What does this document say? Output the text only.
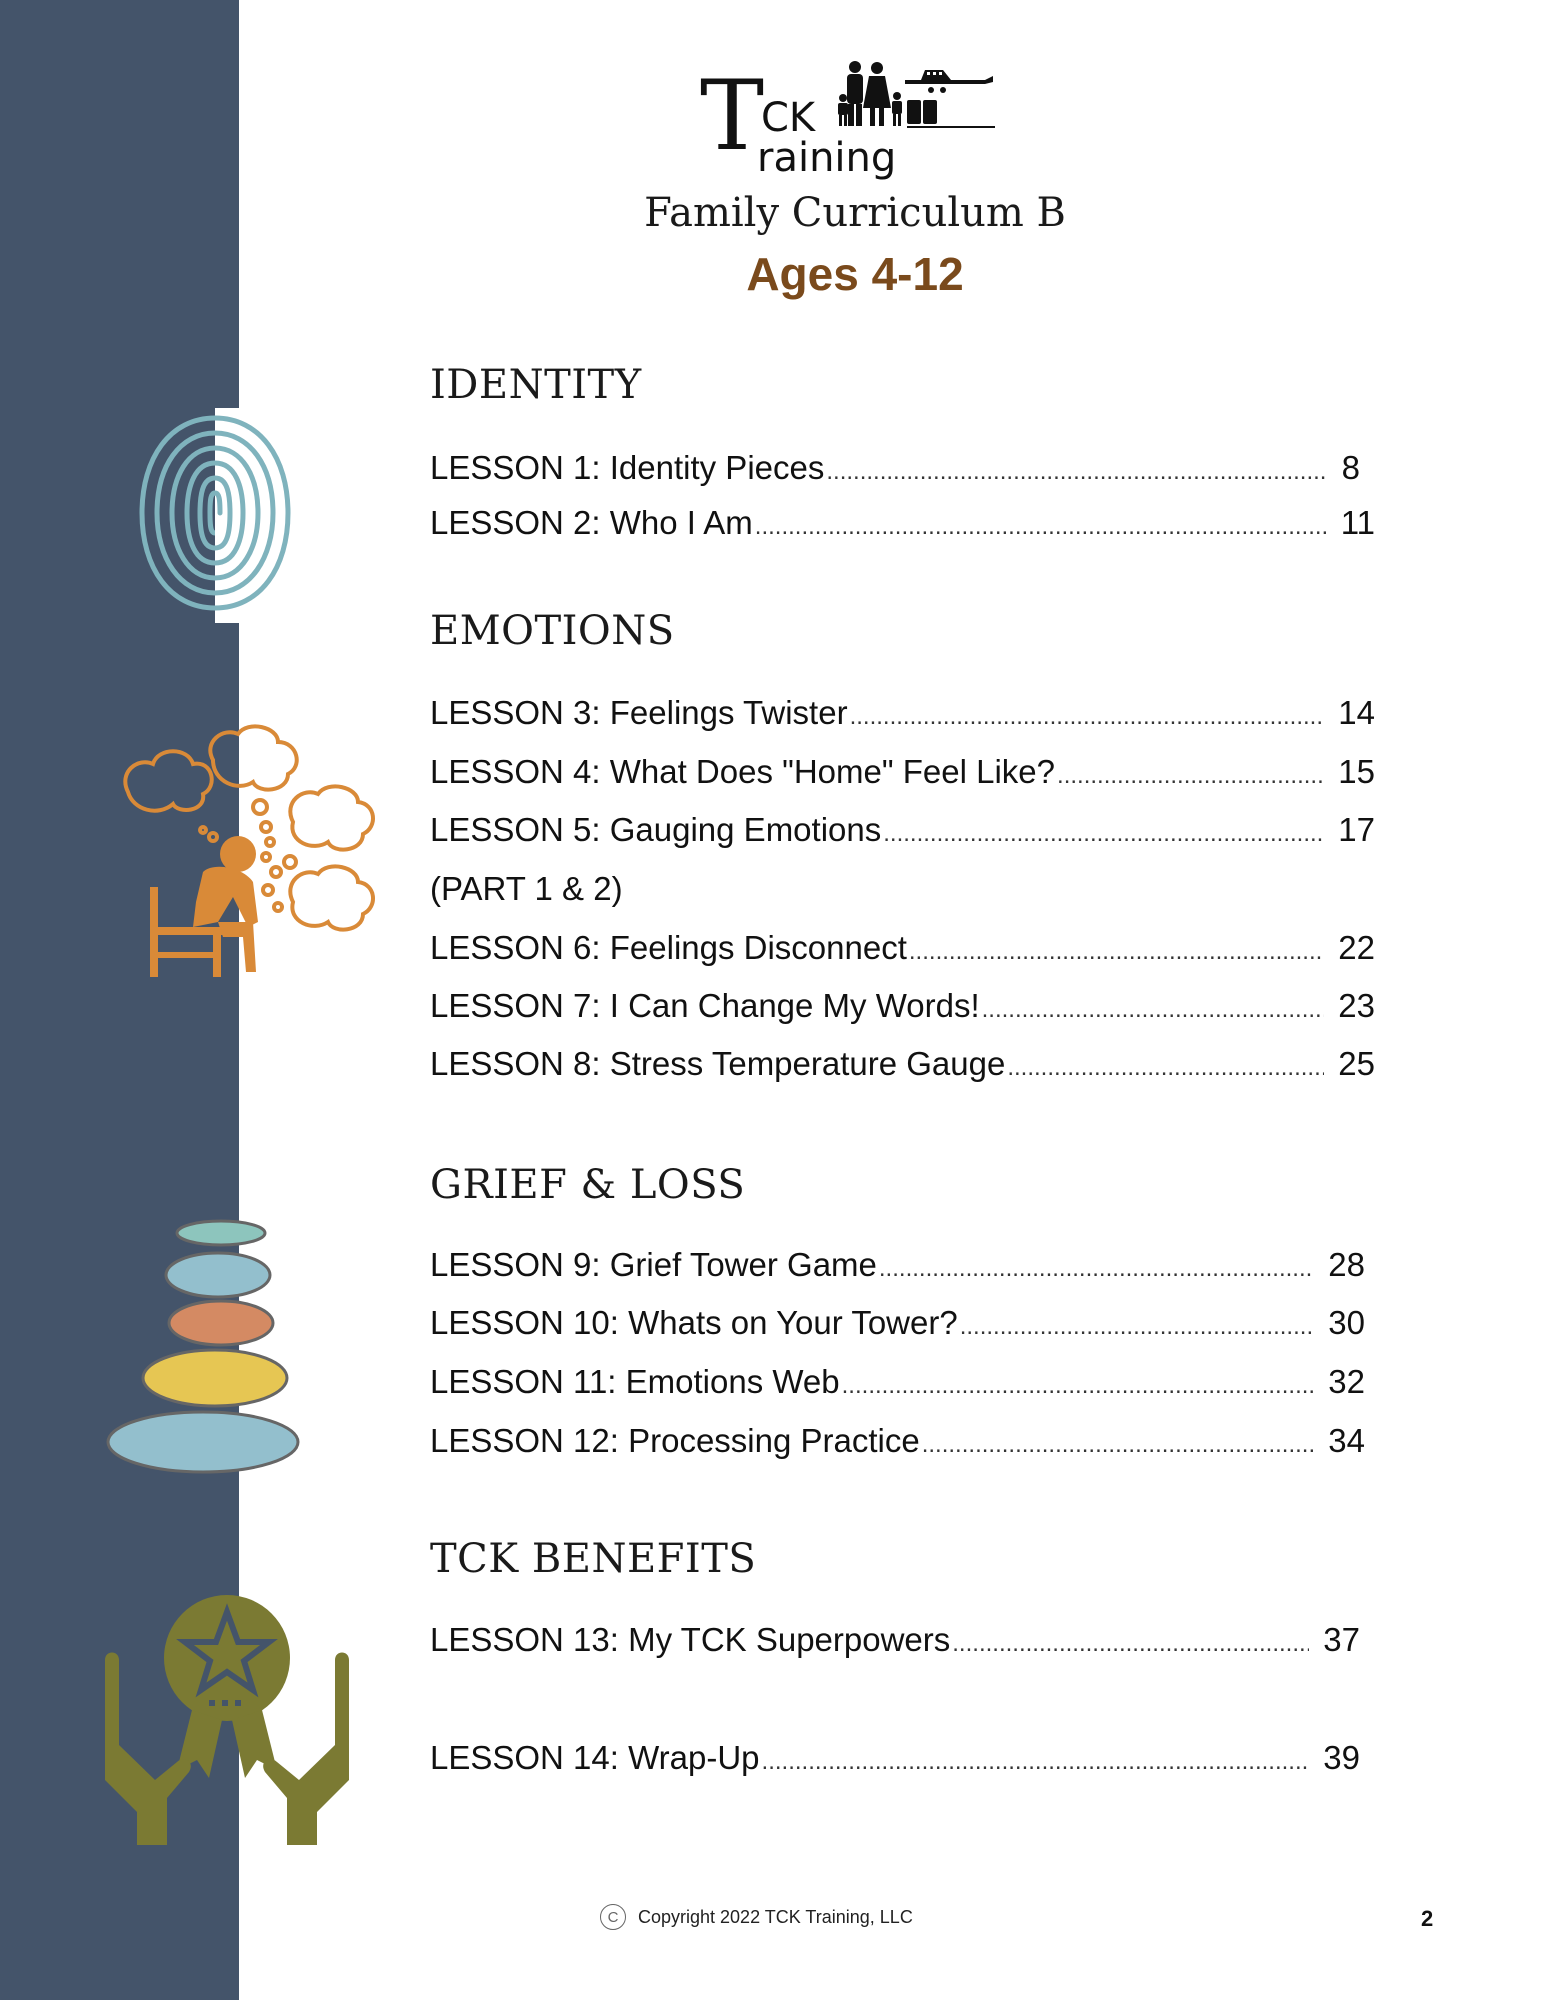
T
CK
raining
Family Curriculum B
Ages 4-12
IDENTITY
LESSON 1: Identity Pieces .....	8
LESSON 2: Who I Am .....	11
EMOTIONS
LESSON 3: Feelings Twister .....	14
LESSON 4: What Does "Home" Feel Like? .....	15
LESSON 5: Gauging Emotions .....	17
(PART 1 & 2)
LESSON 6: Feelings Disconnect .....	22
LESSON 7: I Can Change My Words! .....	23
LESSON 8: Stress Temperature Gauge .....	25
GRIEF & LOSS
LESSON 9: Grief Tower Game .....	28
LESSON 10: Whats on Your Tower? .....	30
LESSON 11: Emotions Web .....	32
LESSON 12: Processing Practice .....	34
TCK BENEFITS
LESSON 13: My TCK Superpowers .....	37
LESSON 14: Wrap-Up .....	39
C	Copyright 2022 TCK Training, LLC	2
